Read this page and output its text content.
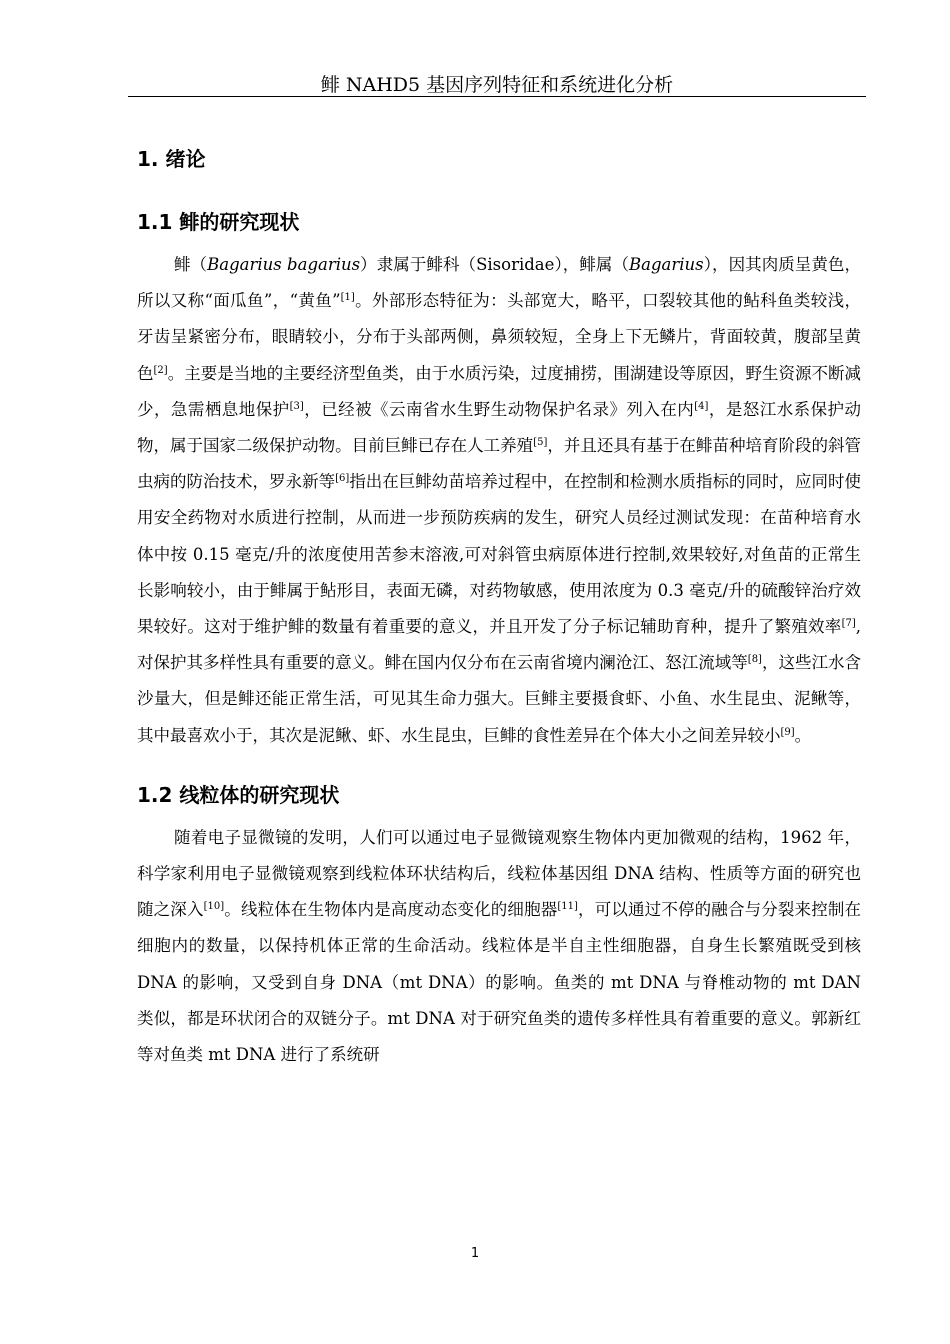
鲱 NAHD5 基因序列特征和系统进化分析
1. 绪论
1.1 鲱的研究现状

鲱（Bagarius bagarius）隶属于鲱科（Sisoridae），鲱属（Bagarius），因其肉质呈黄色，所以又称“面瓜鱼”，“黄鱼”[1]。外部形态特征为：头部宽大，略平，口裂较其他的鲇科鱼类较浅，牙齿呈紧密分布，眼睛较小，分布于头部两侧，鼻须较短，全身上下无鳞片，背面较黄，腹部呈黄色[2]。主要是当地的主要经济型鱼类，由于水质污染，过度捕捞，围湖建设等原因，野生资源不断减少，急需栖息地保护[3]，已经被《云南省水生野生动物保护名录》列入在内[4]，是怒江水系保护动物，属于国家二级保护动物。目前巨鲱已存在人工养殖[5]，并且还具有基于在鲱苗种培育阶段的斜管虫病的防治技术，罗永新等[6]指出在巨鲱幼苗培养过程中，在控制和检测水质指标的同时，应同时使用安全药物对水质进行控制，从而进一步预防疾病的发生，研究人员经过测试发现：在苗种培育水体中按 0.15 毫克/升的浓度使用苦参末溶液,可对斜管虫病原体进行控制,效果较好,对鱼苗的正常生长影响较小，由于鲱属于鲇形目，表面无磷，对药物敏感，使用浓度为 0.3 毫克/升的硫酸锌治疗效果较好。这对于维护鲱的数量有着重要的意义，并且开发了分子标记辅助育种，提升了繁殖效率[7],对保护其多样性具有重要的意义。鲱在国内仅分布在云南省境内澜沧江、怒江流域等[8]，这些江水含沙量大，但是鲱还能正常生活，可见其生命力强大。巨鲱主要摄食虾、小鱼、水生昆虫、泥鳅等，其中最喜欢小于，其次是泥鳅、虾、水生昆虫，巨鲱的食性差异在个体大小之间差异较小[9]。

1.2 线粒体的研究现状

随着电子显微镜的发明，人们可以通过电子显微镜观察生物体内更加微观的结构，1962 年，科学家利用电子显微镜观察到线粒体环状结构后，线粒体基因组 DNA 结构、性质等方面的研究也随之深入[10]。线粒体在生物体内是高度动态变化的细胞器[11]，可以通过不停的融合与分裂来控制在细胞内的数量，以保持机体正常的生命活动。线粒体是半自主性细胞器，自身生长繁殖既受到核 DNA 的影响，又受到自身 DNA（mt DNA）的影响。鱼类的 mt DNA 与脊椎动物的 mt DAN 类似，都是环状闭合的双链分子。mt DNA 对于研究鱼类的遗传多样性具有着重要的意义。郭新红等对鱼类 mt DNA 进行了系统研

1
